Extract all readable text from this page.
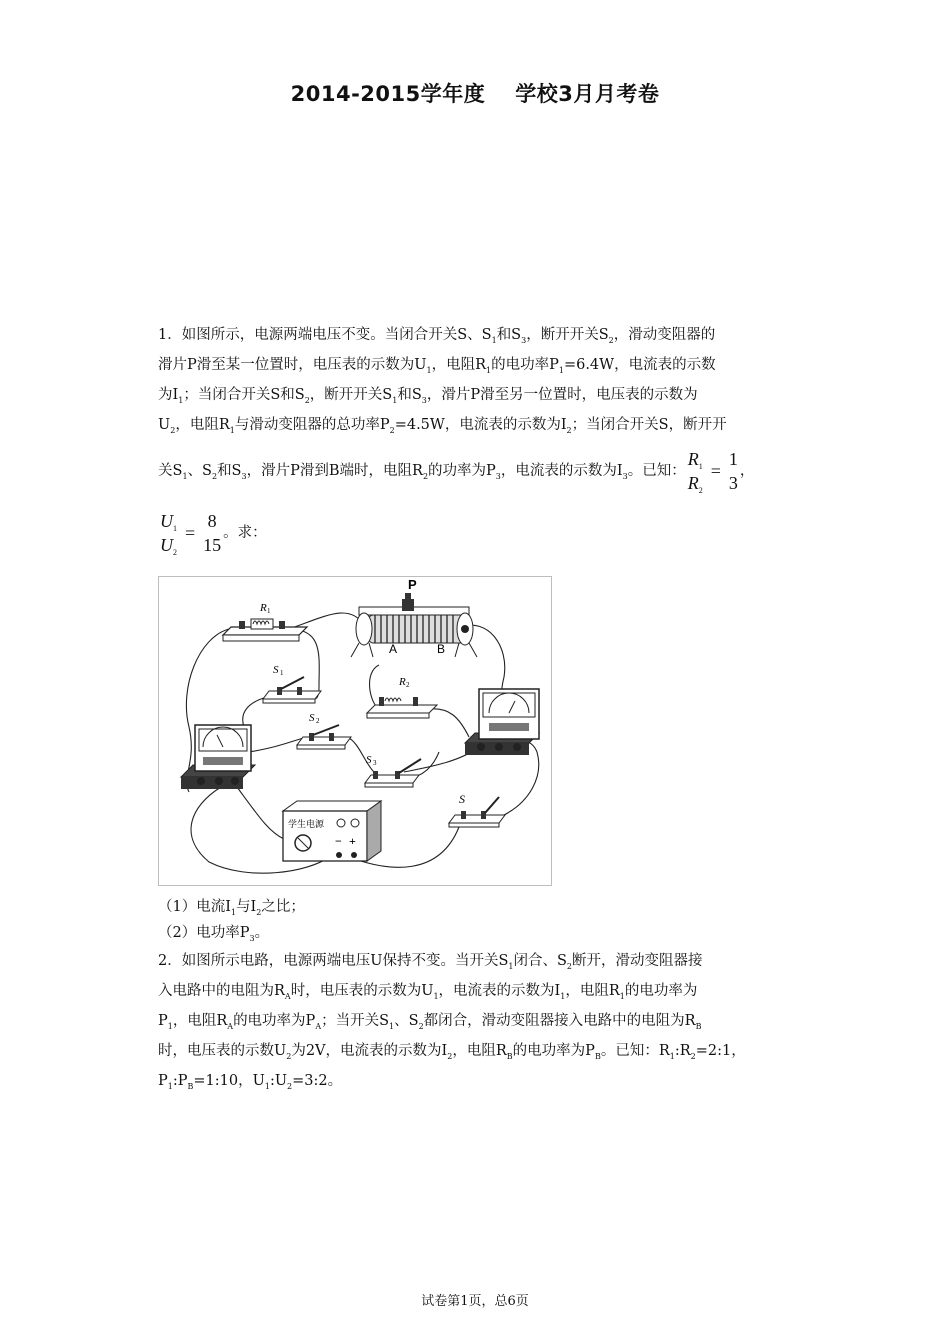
2014-2015学年度 学校3月月考卷
1．如图所示，电源两端电压不变。当闭合开关S、$S_1$和$S_3$，断开开关$S_2$，滑动变阻器的
滑片P滑至某一位置时，电压表的示数为$U_1$，电阻$R_1$的电功率$P_1=6.4W$，电流表的示数
为$I_1$；当闭合开关S和$S_2$，断开开关$S_1$和$S_3$，滑片P滑至另一位置时，电压表的示数为
$U_2$，电阻$R_1$与滑动变阻器的总功率$P_2=4.5W$，电流表的示数为$I_2$；当闭合开关S，断开开
关$S_1$、$S_2$和$S_3$，滑片P滑到B端时，电阻$R_2$的功率为$P_3$，电流表的示数为$I_3$。已知：
$R_1$
$R_2$
=
1
3
，
$U_1$
$U_2$
=
8
15
。求：
R 1
P
A	B
S 1
R 2
S 2
S 3
S
学生电源
− +
（1）电流$I_1$与$I_2$之比；
（2）电功率$P_3$。
2．如图所示电路，电源两端电压U保持不变。当开关$S_1$闭合、$S_2$断开，滑动变阻器接
入电路中的电阻为$R_A$时，电压表的示数为$U_1$，电流表的示数为$I_1$，电阻$R_1$的电功率为
$P_1$，电阻$R_A$的电功率为$P_A$；当开关$S_1$、$S_2$都闭合，滑动变阻器接入电路中的电阻为$R_B$
时，电压表的示数$U_2$为2V，电流表的示数为$I_2$，电阻$R_B$的电功率为$P_B$。已知：$R_1:R_2=2:1$，
$P_1:P_B=1:10$，$U_1:U_2=3:2$。
试卷第1页，总6页
